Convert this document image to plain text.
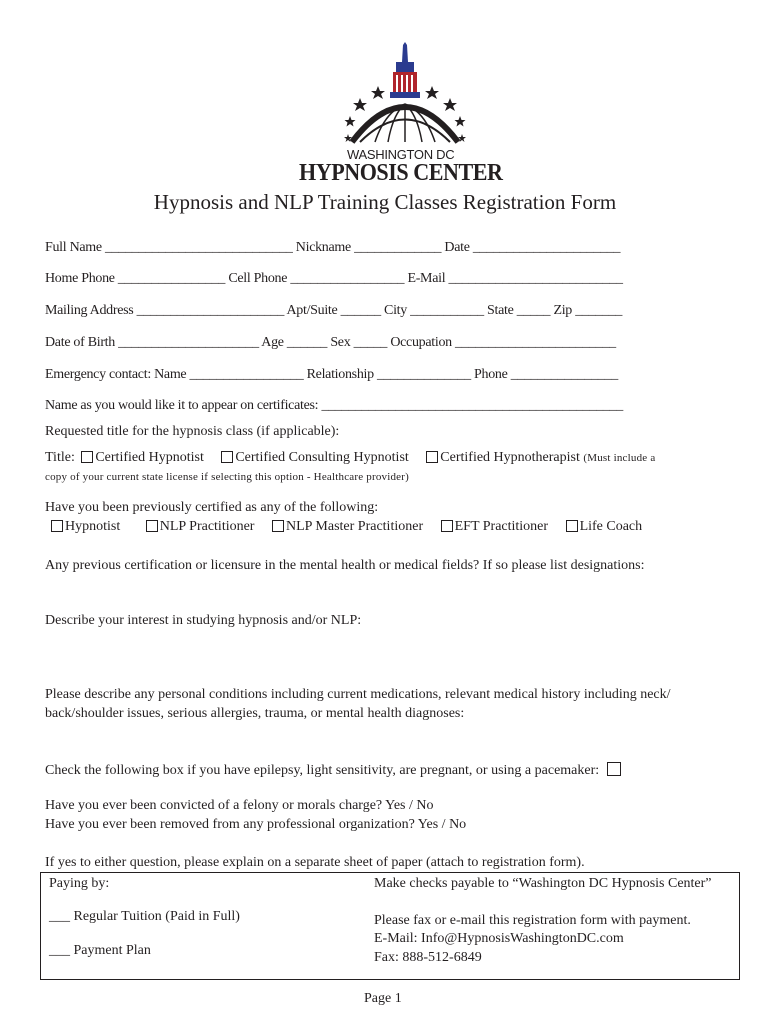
WASHINGTON DC
HYPNOSIS CENTER
Hypnosis and NLP Training Classes Registration Form
Full Name ____________________________ Nickname _____________ Date ______________________
Home Phone ________________ Cell Phone _________________ E-Mail __________________________
Mailing Address ______________________ Apt/Suite ______ City ___________ State _____ Zip _______
Date of Birth _____________________ Age ______ Sex _____ Occupation ________________________
Emergency contact: Name _________________ Relationship ______________ Phone ________________
Name as you would like it to appear on certificates: _____________________________________________
Requested title for the hypnosis class (if applicable):
Title: Certified Hypnotist Certified Consulting Hypnotist Certified Hypnotherapist (Must include a
copy of your current state license if selecting this option - Healthcare provider)
Have you been previously certified as any of the following:
Hypnotist	NLP Practitioner NLP Master Practitioner EFT Practitioner Life Coach
Any previous certification or licensure in the mental health or medical fields? If so please list designations:
Describe your interest in studying hypnosis and/or NLP:
Please describe any personal conditions including current medications, relevant medical history including neck/
back/shoulder issues, serious allergies, trauma, or mental health diagnoses:
Check the following box if you have epilepsy, light sensitivity, are pregnant, or using a pacemaker:
Have you ever been convicted of a felony or morals charge? Yes / No
Have you ever been removed from any professional organization? Yes / No
If yes to either question, please explain on a separate sheet of paper (attach to registration form).
Paying by:
___ Regular Tuition (Paid in Full)
___ Payment Plan
Make checks payable to “Washington DC Hypnosis Center”
Please fax or e-mail this registration form with payment.
E-Mail: Info@HypnosisWashingtonDC.com
Fax: 888-512-6849
Page 1
